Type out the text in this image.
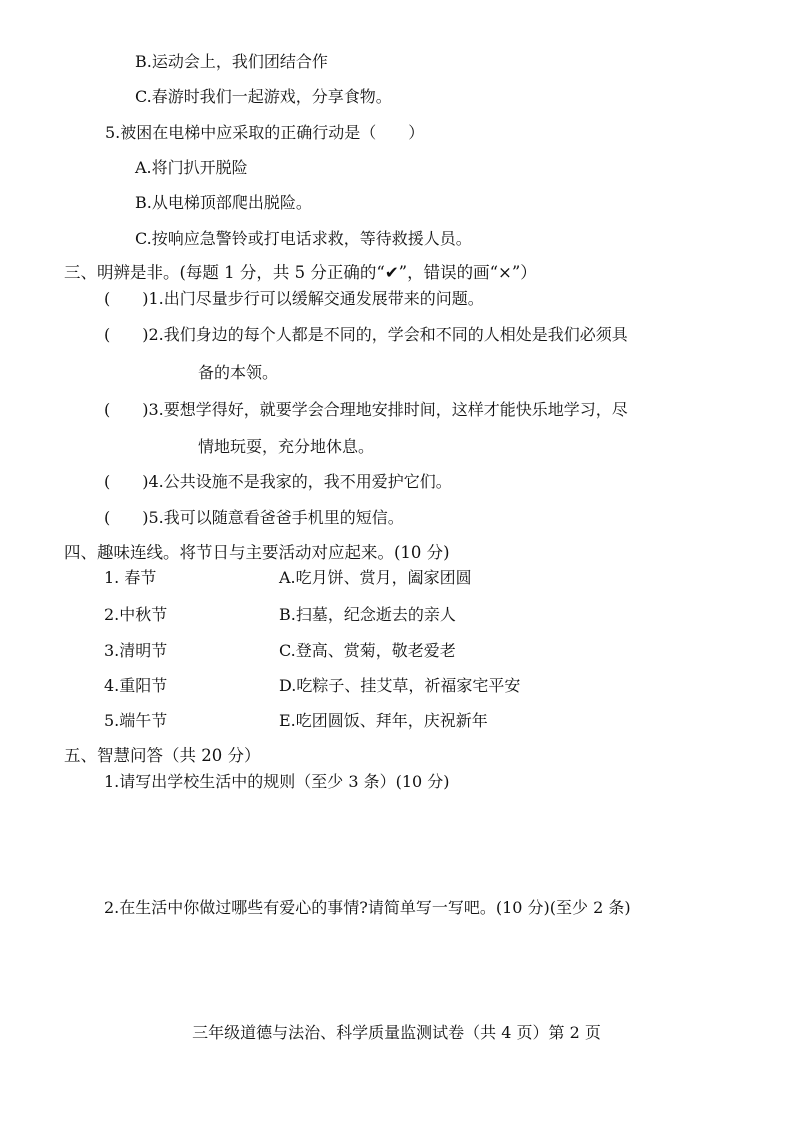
B.运动会上，我们团结合作
C.春游时我们一起游戏，分享食物。
5.被困在电梯中应采取的正确行动是（　　）
A.将门扒开脱险
B.从电梯顶部爬出脱险。
C.按响应急警铃或打电话求救，等待救援人员。
三、明辨是非。(每题 1 分，共 5 分正确的“✔”，错误的画“×”）
(　　)1.出门尽量步行可以缓解交通发展带来的问题。
(　　)2.我们身边的每个人都是不同的，学会和不同的人相处是我们必须具
备的本领。
(　　)3.要想学得好，就要学会合理地安排时间，这样才能快乐地学习，尽
情地玩耍，充分地休息。
(　　)4.公共设施不是我家的，我不用爱护它们。
(　　)5.我可以随意看爸爸手机里的短信。
四、趣味连线。将节日与主要活动对应起来。(10 分)
1. 春节	A.吃月饼、赏月，阖家团圆
2.中秋节	B.扫墓，纪念逝去的亲人
3.清明节	C.登高、赏菊，敬老爱老
4.重阳节	D.吃粽子、挂艾草，祈福家宅平安
5.端午节	E.吃团圆饭、拜年，庆祝新年
五、智慧问答（共 20 分）
1.请写出学校生活中的规则（至少 3 条）(10 分)
2.在生活中你做过哪些有爱心的事情?请简单写一写吧。(10 分)(至少 2 条)
三年级道德与法治、科学质量监测试卷（共 4 页）第 2 页
